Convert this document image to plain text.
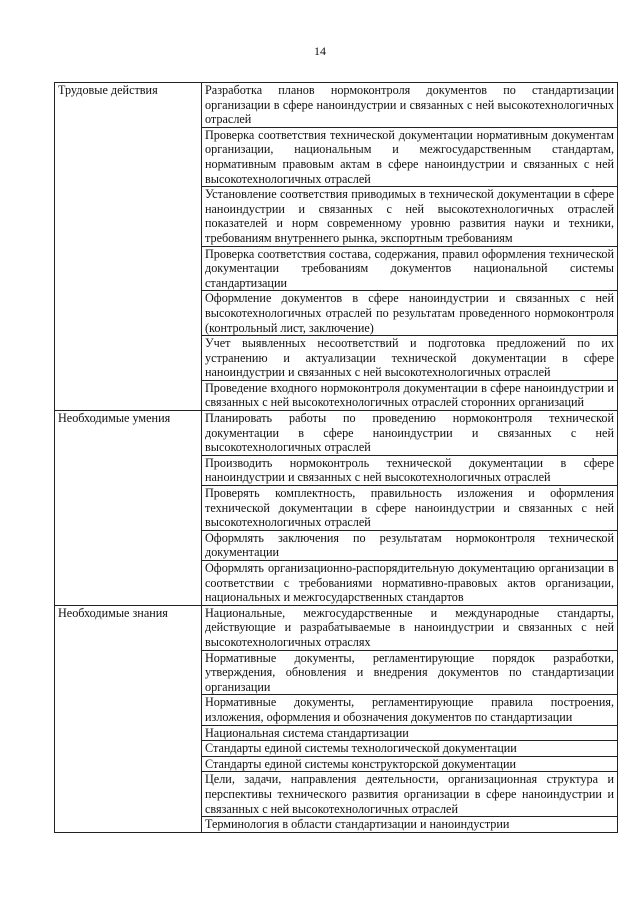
14
Трудовые действия	Разработка планов нормоконтроля документов по стандартизации организации в сфере наноиндустрии и связанных с ней высокотехнологичных отраслей
	Проверка соответствия технической документации нормативным документам организации, национальным и межгосударственным стандартам, нормативным правовым актам в сфере наноиндустрии и связанных с ней высокотехнологичных отраслей
	Установление соответствия приводимых в технической документации в сфере наноиндустрии и связанных с ней высокотехнологичных отраслей показателей и норм современному уровню развития науки и техники, требованиям внутреннего рынка, экспортным требованиям
	Проверка соответствия состава, содержания, правил оформления технической документации требованиям документов национальной системы стандартизации
	Оформление документов в сфере наноиндустрии и связанных с ней высокотехнологичных отраслей по результатам проведенного нормоконтроля (контрольный лист, заключение)
	Учет выявленных несоответствий и подготовка предложений по их устранению и актуализации технической документации в сфере наноиндустрии и связанных с ней высокотехнологичных отраслей
	Проведение входного нормоконтроля документации в сфере наноиндустрии и связанных с ней высокотехнологичных отраслей сторонних организаций
Необходимые умения	Планировать работы по проведению нормоконтроля технической документации в сфере наноиндустрии и связанных с ней высокотехнологичных отраслей
	Производить нормоконтроль технической документации в сфере наноиндустрии и связанных с ней высокотехнологичных отраслей
	Проверять комплектность, правильность изложения и оформления технической документации в сфере наноиндустрии и связанных с ней высокотехнологичных отраслей
	Оформлять заключения по результатам нормоконтроля технической документации
	Оформлять организационно-распорядительную документацию организации в соответствии с требованиями нормативно-правовых актов организации, национальных и межгосударственных стандартов
Необходимые знания	Национальные, межгосударственные и международные стандарты, действующие и разрабатываемые в наноиндустрии и связанных с ней высокотехнологичных отраслях
	Нормативные документы, регламентирующие порядок разработки, утверждения, обновления и внедрения документов по стандартизации организации
	Нормативные документы, регламентирующие правила построения, изложения, оформления и обозначения документов по стандартизации
	Национальная система стандартизации
	Стандарты единой системы технологической документации
	Стандарты единой системы конструкторской документации
	Цели, задачи, направления деятельности, организационная структура и перспективы технического развития организации в сфере наноиндустрии и связанных с ней высокотехнологичных отраслей
	Терминология в области стандартизации и наноиндустрии
